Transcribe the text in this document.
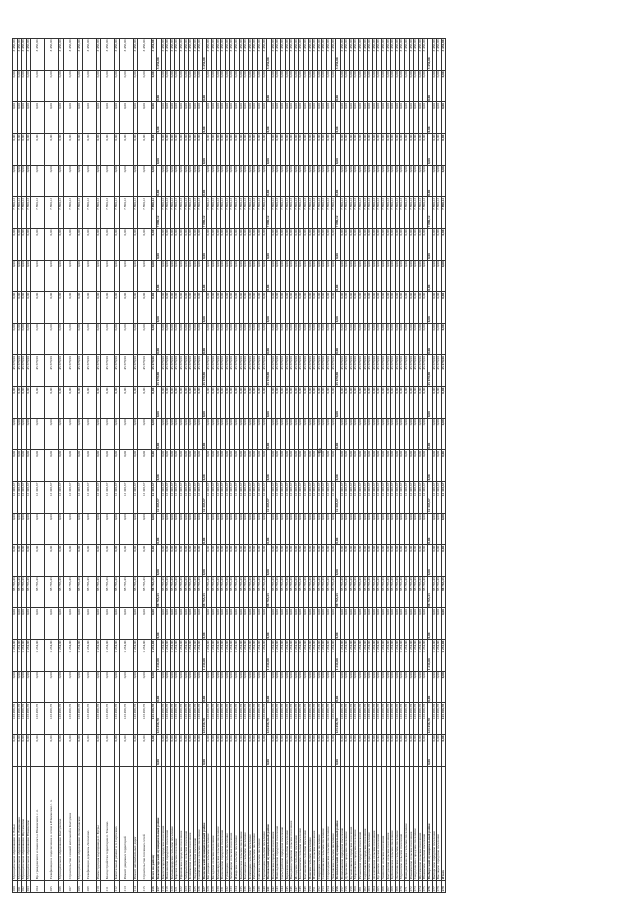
200	Муниципальное образование п. Рахья	0,00	123 456,78	0,00	1 234,00	0,00	98 765,43	0,00	0,00	12 345,67	0,00	0,00	0,00	45 678,90	0,00	0,00	0,00	0,00	7 890,12	0,00	0,00	0,00	0,00	3 456,00
201	Муниципальное образование п. Романовка	0,00	123 456,78	0,00	1 234,00	0,00	98 765,43	0,00	0,00	12 345,67	0,00	0,00	0,00	45 678,90	0,00	0,00	0,00	0,00	7 890,12	0,00	0,00	0,00	0,00	3 456,00
202	Муниципальное образование Щегловское	0,00	123 456,78	0,00	1 234,00	0,00	98 765,43	0,00	0,00	12 345,67	0,00	0,00	0,00	45 678,90	0,00	0,00	0,00	0,00	7 890,12	0,00	0,00	0,00	0,00	3 456,00
203	Муниципальное образование Юкковское	0,00	123 456,78	0,00	1 234,00	0,00	98 765,43	0,00	0,00	12 345,67	0,00	0,00	0,00	45 678,90	0,00	0,00	0,00	0,00	7 890,12	0,00	0,00	0,00	0,00	3 456,00
204	Вр. гражданского и пажилого а Юкковского с. п.	0,00	123 456,78	0,00	1 234,00	0,00	98 765,43	0,00	0,00	12 345,67	0,00	0,00	0,00	45 678,90	0,00	0,00	0,00	0,00	7 890,12	0,00	0,00	0,00	0,00	3 456,00
205	Газификация и подключение к сетям в Юкковском с. п.	0,00	123 456,78	0,00	1 234,00	0,00	98 765,43	0,00	0,00	12 345,67	0,00	0,00	0,00	45 678,90	0,00	0,00	0,00	0,00	7 890,12	0,00	0,00	0,00	0,00	3 456,00
206	Муниципальное образование Колтушское	0,00	123 456,78	0,00	1 234,00	0,00	98 765,43	0,00	0,00	12 345,67	0,00	0,00	0,00	45 678,90	0,00	0,00	0,00	0,00	7 890,12	0,00	0,00	0,00	0,00	3 456,00
207	Строительство газовой котельной в Колтушах	0,00	123 456,78	0,00	1 234,00	0,00	98 765,43	0,00	0,00	12 345,67	0,00	0,00	0,00	45 678,90	0,00	0,00	0,00	0,00	7 890,12	0,00	0,00	0,00	0,00	3 456,00
208	Муниципальное образование Лесколовское	0,00	123 456,78	0,00	1 234,00	0,00	98 765,43	0,00	0,00	12 345,67	0,00	0,00	0,00	45 678,90	0,00	0,00	0,00	0,00	7 890,12	0,00	0,00	0,00	0,00	3 456,00
209	Газификация деревень Лесколово	0,00	123 456,78	0,00	1 234,00	0,00	98 765,43	0,00	0,00	12 345,67	0,00	0,00	0,00	45 678,90	0,00	0,00	0,00	0,00	7 890,12	0,00	0,00	0,00	0,00	3 456,00
210	Реконструкция водопровода п. Бугры	0,00	123 456,78	0,00	1 234,00	0,00	98 765,43	0,00	0,00	12 345,67	0,00	0,00	0,00	45 678,90	0,00	0,00	0,00	0,00	7 890,12	0,00	0,00	0,00	0,00	3 456,00
211	Благоустройство территории п. Токсово	0,00	123 456,78	0,00	1 234,00	0,00	98 765,43	0,00	0,00	12 345,67	0,00	0,00	0,00	45 678,90	0,00	0,00	0,00	0,00	7 890,12	0,00	0,00	0,00	0,00	3 456,00
212	Капитальный ремонт в п. Сертолово	0,00	123 456,78	0,00	1 234,00	0,00	98 765,43	0,00	0,00	12 345,67	0,00	0,00	0,00	45 678,90	0,00	0,00	0,00	0,00	7 890,12	0,00	0,00	0,00	0,00	3 456,00
213	Ремонт дворовых территорий	0,00	123 456,78	0,00	1 234,00	0,00	98 765,43	0,00	0,00	12 345,67	0,00	0,00	0,00	45 678,90	0,00	0,00	0,00	0,00	7 890,12	0,00	0,00	0,00	0,00	3 456,00
214	Ремонт автомобильных дорог	0,00	123 456,78	0,00	1 234,00	0,00	98 765,43	0,00	0,00	12 345,67	0,00	0,00	0,00	45 678,90	0,00	0,00	0,00	0,00	7 890,12	0,00	0,00	0,00	0,00	3 456,00
215	Строительство тепловых сетей	0,00	123 456,78	0,00	1 234,00	0,00	98 765,43	0,00	0,00	12 345,67	0,00	0,00	0,00	45 678,90	0,00	0,00	0,00	0,00	7 890,12	0,00	0,00	0,00	0,00	3 456,00
216	Всего по району	0,00	123 456,78	0,00	1 234,00	0,00	98 765,43	0,00	0,00	12 345,67	0,00	0,00	0,00	45 678,90	0,00	0,00	0,00	0,00	7 890,12	0,00	0,00	0,00	0,00	3 456,00
217	Бокситогорский муниципальный район	0,00	123 456,78	0,00	1 234,00	0,00	98 765,43	0,00	0,00	12 345,67	0,00	0,00	0,00	45 678,90	0,00	0,00	0,00	0,00	7 890,12	0,00	0,00	0,00	0,00	3 456,00
218	Бокситогорское городское поселение	0,00	123 456,78	0,00	1 234,00	0,00	98 765,43	0,00	0,00	12 345,67	0,00	0,00	0,00	45 678,90	0,00	0,00	0,00	0,00	7 890,12	0,00	0,00	0,00	0,00	3 456,00
219	Пикалевское городское поселение	0,00	123 456,78	0,00	1 234,00	0,00	98 765,43	0,00	0,00	12 345,67	0,00	0,00	0,00	45 678,90	0,00	0,00	0,00	0,00	7 890,12	0,00	0,00	0,00	0,00	3 456,00
220	Большедворское сельское поселение	0,00	123 456,78	0,00	1 234,00	0,00	98 765,43	0,00	0,00	12 345,67	0,00	0,00	0,00	45 678,90	0,00	0,00	0,00	0,00	7 890,12	0,00	0,00	0,00	0,00	3 456,00
221	Борское сельское поселение	0,00	123 456,78	0,00	1 234,00	0,00	98 765,43	0,00	0,00	12 345,67	0,00	0,00	0,00	45 678,90	0,00	0,00	0,00	0,00	7 890,12	0,00	0,00	0,00	0,00	3 456,00
222	Ефимовское городское поселение	0,00	123 456,78	0,00	1 234,00	0,00	98 765,43	0,00	0,00	12 345,67	0,00	0,00	0,00	45 678,90	0,00	0,00	0,00	0,00	7 890,12	0,00	0,00	0,00	0,00	3 456,00
223	Заборьевское сельское поселение	0,00	123 456,78	0,00	1 234,00	0,00	98 765,43	0,00	0,00	12 345,67	0,00	0,00	0,00	45 678,90	0,00	0,00	0,00	0,00	7 890,12	0,00	0,00	0,00	0,00	3 456,00
224	Климовское сельское поселение	0,00	123 456,78	0,00	1 234,00	0,00	98 765,43	0,00	0,00	12 345,67	0,00	0,00	0,00	45 678,90	0,00	0,00	0,00	0,00	7 890,12	0,00	0,00	0,00	0,00	3 456,00
225	Лидское сельское поселение	0,00	123 456,78	0,00	1 234,00	0,00	98 765,43	0,00	0,00	12 345,67	0,00	0,00	0,00	45 678,90	0,00	0,00	0,00	0,00	7 890,12	0,00	0,00	0,00	0,00	3 456,00
226	Самойловское сельское поселение	0,00	123 456,78	0,00	1 234,00	0,00	98 765,43	0,00	0,00	12 345,67	0,00	0,00	0,00	45 678,90	0,00	0,00	0,00	0,00	7 890,12	0,00	0,00	0,00	0,00	3 456,00
227	Волосовский муниципальный район	0,00	123 456,78	0,00	1 234,00	0,00	98 765,43	0,00	0,00	12 345,67	0,00	0,00	0,00	45 678,90	0,00	0,00	0,00	0,00	7 890,12	0,00	0,00	0,00	0,00	3 456,00
228	Бегуницкое сельское поселение	0,00	123 456,78	0,00	1 234,00	0,00	98 765,43	0,00	0,00	12 345,67	0,00	0,00	0,00	45 678,90	0,00	0,00	0,00	0,00	7 890,12	0,00	0,00	0,00	0,00	3 456,00
229	Беседское сельское поселение	0,00	123 456,78	0,00	1 234,00	0,00	98 765,43	0,00	0,00	12 345,67	0,00	0,00	0,00	45 678,90	0,00	0,00	0,00	0,00	7 890,12	0,00	0,00	0,00	0,00	3 456,00
230	Большеврудское сельское поселение	0,00	123 456,78	0,00	1 234,00	0,00	98 765,43	0,00	0,00	12 345,67	0,00	0,00	0,00	45 678,90	0,00	0,00	0,00	0,00	7 890,12	0,00	0,00	0,00	0,00	3 456,00
231	Волосовское городское поселение	0,00	123 456,78	0,00	1 234,00	0,00	98 765,43	0,00	0,00	12 345,67	0,00	0,00	0,00	45 678,90	0,00	0,00	0,00	0,00	7 890,12	0,00	0,00	0,00	0,00	3 456,00
232	Губаницкое сельское поселение	0,00	123 456,78	0,00	1 234,00	0,00	98 765,43	0,00	0,00	12 345,67	0,00	0,00	0,00	45 678,90	0,00	0,00	0,00	0,00	7 890,12	0,00	0,00	0,00	0,00	3 456,00
233	Зимитицкое сельское поселение	0,00	123 456,78	0,00	1 234,00	0,00	98 765,43	0,00	0,00	12 345,67	0,00	0,00	0,00	45 678,90	0,00	0,00	0,00	0,00	7 890,12	0,00	0,00	0,00	0,00	3 456,00
234	Изварское сельское поселение	0,00	123 456,78	0,00	1 234,00	0,00	98 765,43	0,00	0,00	12 345,67	0,00	0,00	0,00	45 678,90	0,00	0,00	0,00	0,00	7 890,12	0,00	0,00	0,00	0,00	3 456,00
235	Калитинское сельское поселение	0,00	123 456,78	0,00	1 234,00	0,00	98 765,43	0,00	0,00	12 345,67	0,00	0,00	0,00	45 678,90	0,00	0,00	0,00	0,00	7 890,12	0,00	0,00	0,00	0,00	3 456,00
236	Каложицкое сельское поселение	0,00	123 456,78	0,00	1 234,00	0,00	98 765,43	0,00	0,00	12 345,67	0,00	0,00	0,00	45 678,90	0,00	0,00	0,00	0,00	7 890,12	0,00	0,00	0,00	0,00	3 456,00
237	Клопицкое сельское поселение	0,00	123 456,78	0,00	1 234,00	0,00	98 765,43	0,00	0,00	12 345,67	0,00	0,00	0,00	45 678,90	0,00	0,00	0,00	0,00	7 890,12	0,00	0,00	0,00	0,00	3 456,00
238	Рабитицкое сельское поселение	0,00	123 456,78	0,00	1 234,00	0,00	98 765,43	0,00	0,00	12 345,67	0,00	0,00	0,00	45 678,90	0,00	0,00	0,00	0,00	7 890,12	0,00	0,00	0,00	0,00	3 456,00
239	Сабское сельское поселение	0,00	123 456,78	0,00	1 234,00	0,00	98 765,43	0,00	0,00	12 345,67	0,00	0,00	0,00	45 678,90	0,00	0,00	0,00	0,00	7 890,12	0,00	0,00	0,00	0,00	3 456,00
240	Терпилицкое сельское поселение	0,00	123 456,78	0,00	1 234,00	0,00	98 765,43	0,00	0,00	12 345,67	0,00	0,00	0,00	45 678,90	0,00	0,00	0,00	0,00	7 890,12	0,00	0,00	0,00	0,00	3 456,00
241	Волховский муниципальный район	0,00	123 456,78	0,00	1 234,00	0,00	98 765,43	0,00	0,00	12 345,67	0,00	0,00	0,00	45 678,90	0,00	0,00	0,00	0,00	7 890,12	0,00	0,00	0,00	0,00	3 456,00
242	Волховское городское поселение	0,00	123 456,78	0,00	1 234,00	0,00	98 765,43	0,00	0,00	12 345,67	0,00	0,00	0,00	45 678,90	0,00	0,00	0,00	0,00	7 890,12	0,00	0,00	0,00	0,00	3 456,00
243	Новоладожское городское поселение	0,00	123 456,78	0,00	1 234,00	0,00	98 765,43	0,00	0,00	12 345,67	0,00	0,00	0,00	45 678,90	0,00	0,00	0,00	0,00	7 890,12	0,00	0,00	0,00	0,00	3 456,00
244	Сясьстройское городское поселение	0,00	123 456,78	0,00	1 234,00	0,00	98 765,43	0,00	0,00	12 345,67	0,00	0,00	0,00	45 678,90	0,00	0,00	0,00	0,00	7 890,12	0,00	0,00	0,00	0,00	3 456,00
245	Бережковское сельское поселение	0,00	123 456,78	0,00	1 234,00	0,00	98 765,43	0,00	0,00	12 345,67	0,00	0,00	0,00	45 678,90	0,00	0,00	0,00	0,00	7 890,12	0,00	0,00	0,00	0,00	3 456,00
246	Вындиноостровское сельское поселение	0,00	123 456,78	0,00	1 234,00	0,00	98 765,43	0,00	0,00	12 345,67	0,00	0,00	0,00	45 678,90	0,00	0,00	0,00	0,00	7 890,12	0,00	0,00	0,00	0,00	3 456,00
247	Иссадское сельское поселение	0,00	123 456,78	0,00	1 234,00	0,00	98 765,43	0,00	0,00	12 345,67	0,00	0,00	0,00	45 678,90	0,00	0,00	0,00	0,00	7 890,12	0,00	0,00	0,00	0,00	3 456,00
248	Кисельнинское сельское поселение	0,00	123 456,78	0,00	1 234,00	0,00	98 765,43	0,00	0,00	12 345,67	0,00	0,00	0,00	45 678,90	0,00	0,00	0,00	0,00	7 890,12	0,00	0,00	0,00	0,00	3 456,00
249	Колчановское сельское поселение	0,00	123 456,78	0,00	1 234,00	0,00	98 765,43	0,00	0,00	12 345,67	0,00	0,00	0,00	45 678,90	0,00	0,00	0,00	0,00	7 890,12	0,00	0,00	0,00	0,00	3 456,00
250	Пашское сельское поселение	0,00	123 456,78	0,00	1 234,00	0,00	98 765,43	0,00	0,00	12 345,67	0,00	0,00	0,00	45 678,90	0,00	0,00	0,00	0,00	7 890,12	0,00	0,00	0,00	0,00	3 456,00
251	Пчевжинское сельское поселение	0,00	123 456,78	0,00	1 234,00	0,00	98 765,43	0,00	0,00	12 345,67	0,00	0,00	0,00	45 678,90	0,00	0,00	0,00	0,00	7 890,12	0,00	0,00	0,00	0,00	3 456,00
252	Свирицкое сельское поселение	0,00	123 456,78	0,00	1 234,00	0,00	98 765,43	0,00	0,00	12 345,67	0,00	0,00	0,00	45 678,90	0,00	0,00	0,00	0,00	7 890,12	0,00	0,00	0,00	0,00	3 456,00
253	Селивановское сельское поселение	0,00	123 456,78	0,00	1 234,00	0,00	98 765,43	0,00	0,00	12 345,67	0,00	0,00	0,00	45 678,90	0,00	0,00	0,00	0,00	7 890,12	0,00	0,00	0,00	0,00	3 456,00
254	Староладожское сельское поселение	0,00	123 456,78	0,00	1 234,00	0,00	98 765,43	0,00	0,00	12 345,67	0,00	0,00	0,00	45 678,90	0,00	0,00	0,00	0,00	7 890,12	0,00	0,00	0,00	0,00	3 456,00
255	Хваловское сельское поселение	0,00	123 456,78	0,00	1 234,00	0,00	98 765,43	0,00	0,00	12 345,67	0,00	0,00	0,00	45 678,90	0,00	0,00	0,00	0,00	7 890,12	0,00	0,00	0,00	0,00	3 456,00
256	Всеволожский муниципальный район	0,00	123 456,78	0,00	1 234,00	0,00	98 765,43	0,00	0,00	12 345,67	0,00	0,00	0,00	45 678,90	0,00	0,00	0,00	0,00	7 890,12	0,00	0,00	0,00	0,00	3 456,00
257	Всеволожское городское поселение	0,00	123 456,78	0,00	1 234,00	0,00	98 765,43	0,00	0,00	12 345,67	0,00	0,00	0,00	45 678,90	0,00	0,00	0,00	0,00	7 890,12	0,00	0,00	0,00	0,00	3 456,00
258	Дубровское городское поселение	0,00	123 456,78	0,00	1 234,00	0,00	98 765,43	0,00	0,00	12 345,67	0,00	0,00	0,00	45 678,90	0,00	0,00	0,00	0,00	7 890,12	0,00	0,00	0,00	0,00	3 456,00
259	Кузьмоловское городское поселение	0,00	123 456,78	0,00	1 234,00	0,00	98 765,43	0,00	0,00	12 345,67	0,00	0,00	0,00	45 678,90	0,00	0,00	0,00	0,00	7 890,12	0,00	0,00	0,00	0,00	3 456,00
260	Морозовское городское поселение	0,00	123 456,78	0,00	1 234,00	0,00	98 765,43	0,00	0,00	12 345,67	0,00	0,00	0,00	45 678,90	0,00	0,00	0,00	0,00	7 890,12	0,00	0,00	0,00	0,00	3 456,00
261	Рахьинское городское поселение	0,00	123 456,78	0,00	1 234,00	0,00	98 765,43	0,00	0,00	12 345,67	0,00	0,00	0,00	45 678,90	0,00	0,00	0,00	0,00	7 890,12	0,00	0,00	0,00	0,00	3 456,00
262	Сертоловское городское поселение	0,00	123 456,78	0,00	1 234,00	0,00	98 765,43	0,00	0,00	12 345,67	0,00	0,00	0,00	45 678,90	0,00	0,00	0,00	0,00	7 890,12	0,00	0,00	0,00	0,00	3 456,00
263	Токсовское городское поселение	0,00	123 456,78	0,00	1 234,00	0,00	98 765,43	0,00	0,00	12 345,67	0,00	0,00	0,00	45 678,90	0,00	0,00	0,00	0,00	7 890,12	0,00	0,00	0,00	0,00	3 456,00
264	Агалатовское сельское поселение	0,00	123 456,78	0,00	1 234,00	0,00	98 765,43	0,00	0,00	12 345,67	0,00	0,00	0,00	45 678,90	0,00	0,00	0,00	0,00	7 890,12	0,00	0,00	0,00	0,00	3 456,00
265	Бугровское сельское поселение	0,00	123 456,78	0,00	1 234,00	0,00	98 765,43	0,00	0,00	12 345,67	0,00	0,00	0,00	45 678,90	0,00	0,00	0,00	0,00	7 890,12	0,00	0,00	0,00	0,00	3 456,00
266	Заневское сельское поселение	0,00	123 456,78	0,00	1 234,00	0,00	98 765,43	0,00	0,00	12 345,67	0,00	0,00	0,00	45 678,90	0,00	0,00	0,00	0,00	7 890,12	0,00	0,00	0,00	0,00	3 456,00
267	Колтушское сельское поселение	0,00	123 456,78	0,00	1 234,00	0,00	98 765,43	0,00	0,00	12 345,67	0,00	0,00	0,00	45 678,90	0,00	0,00	0,00	0,00	7 890,12	0,00	0,00	0,00	0,00	3 456,00
268	Куйвозовское сельское поселение	0,00	123 456,78	0,00	1 234,00	0,00	98 765,43	0,00	0,00	12 345,67	0,00	0,00	0,00	45 678,90	0,00	0,00	0,00	0,00	7 890,12	0,00	0,00	0,00	0,00	3 456,00
269	Лесколовское сельское поселение	0,00	123 456,78	0,00	1 234,00	0,00	98 765,43	0,00	0,00	12 345,67	0,00	0,00	0,00	45 678,90	0,00	0,00	0,00	0,00	7 890,12	0,00	0,00	0,00	0,00	3 456,00
270	Муринское сельское поселение	0,00	123 456,78	0,00	1 234,00	0,00	98 765,43	0,00	0,00	12 345,67	0,00	0,00	0,00	45 678,90	0,00	0,00	0,00	0,00	7 890,12	0,00	0,00	0,00	0,00	3 456,00
271	Новодевяткинское сельское поселение	0,00	123 456,78	0,00	1 234,00	0,00	98 765,43	0,00	0,00	12 345,67	0,00	0,00	0,00	45 678,90	0,00	0,00	0,00	0,00	7 890,12	0,00	0,00	0,00	0,00	3 456,00
272	Романовское сельское поселение	0,00	123 456,78	0,00	1 234,00	0,00	98 765,43	0,00	0,00	12 345,67	0,00	0,00	0,00	45 678,90	0,00	0,00	0,00	0,00	7 890,12	0,00	0,00	0,00	0,00	3 456,00
273	Свердловское городское поселение	0,00	123 456,78	0,00	1 234,00	0,00	98 765,43	0,00	0,00	12 345,67	0,00	0,00	0,00	45 678,90	0,00	0,00	0,00	0,00	7 890,12	0,00	0,00	0,00	0,00	3 456,00
274	Щегловское сельское поселение	0,00	123 456,78	0,00	1 234,00	0,00	98 765,43	0,00	0,00	12 345,67	0,00	0,00	0,00	45 678,90	0,00	0,00	0,00	0,00	7 890,12	0,00	0,00	0,00	0,00	3 456,00
275	Юкковское сельское поселение	0,00	123 456,78	0,00	1 234,00	0,00	98 765,43	0,00	0,00	12 345,67	0,00	0,00	0,00	45 678,90	0,00	0,00	0,00	0,00	7 890,12	0,00	0,00	0,00	0,00	3 456,00
276	Выборгский муниципальный район	0,00	123 456,78	0,00	1 234,00	0,00	98 765,43	0,00	0,00	12 345,67	0,00	0,00	0,00	45 678,90	0,00	0,00	0,00	0,00	7 890,12	0,00	0,00	0,00	0,00	3 456,00
277	Выборгское городское поселение	0,00	123 456,78	0,00	1 234,00	0,00	98 765,43	0,00	0,00	12 345,67	0,00	0,00	0,00	45 678,90	0,00	0,00	0,00	0,00	7 890,12	0,00	0,00	0,00	0,00	3 456,00
278	Высоцкое городское поселение	0,00	123 456,78	0,00	1 234,00	0,00	98 765,43	0,00	0,00	12 345,67	0,00	0,00	0,00	45 678,90	0,00	0,00	0,00	0,00	7 890,12	0,00	0,00	0,00	0,00	3 456,00
279	Итого	0,00	123 456,78	0,00	1 234,00	0,00	98 765,43	0,00	0,00	12 345,67	0,00	0,00	0,00	45 678,90	0,00	0,00	0,00	0,00	7 890,12	0,00	0,00	0,00	0,00	3 456,00
65
